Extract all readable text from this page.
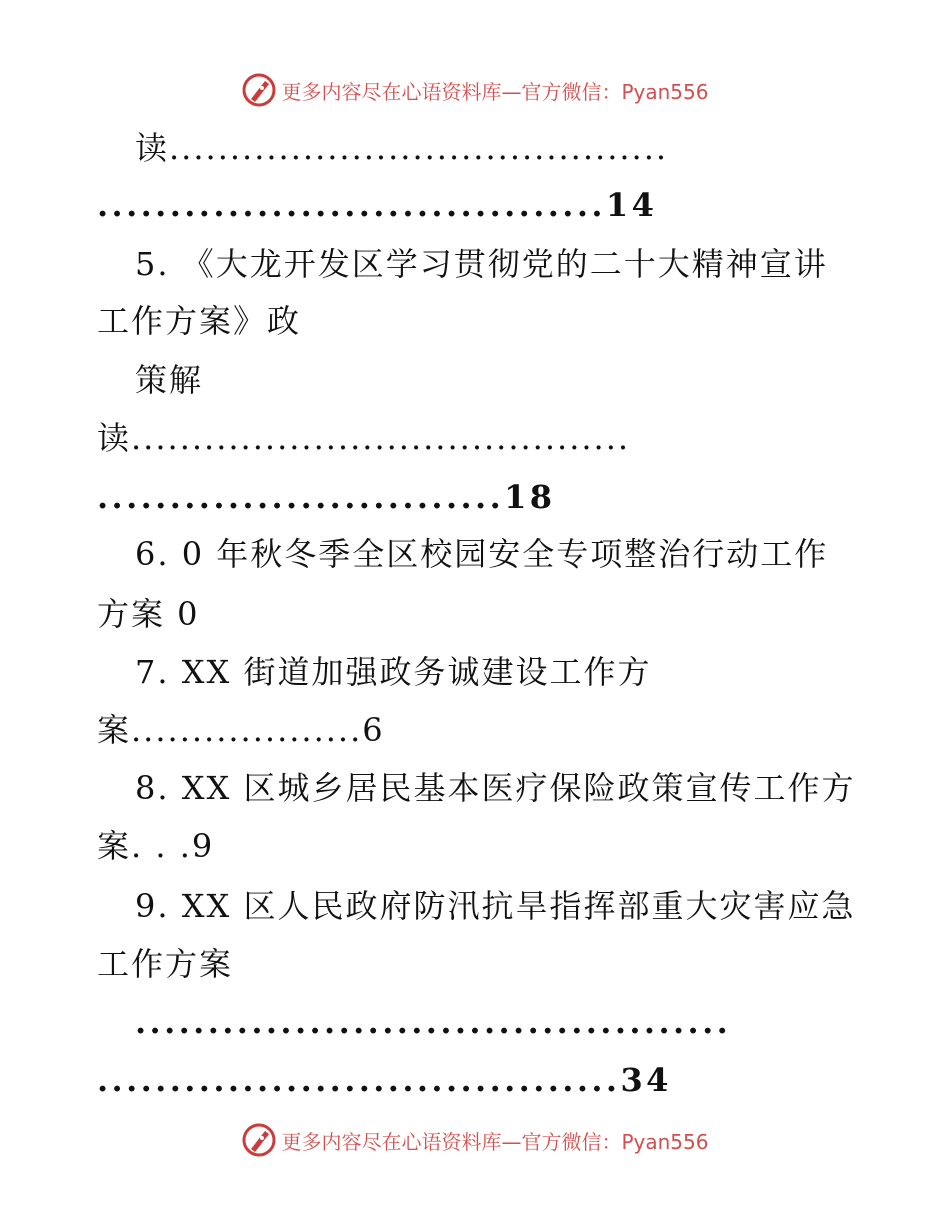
更多内容尽在心语资料库—官方微信：Pyan556
读.........................................
...................................14
5. 《大龙开发区学习贯彻党的二十大精神宣讲
工作方案》政
策解
读.........................................
............................18
6. 0 年秋冬季全区校园安全专项整治行动工作
方案 0
7. XX 街道加强政务诚建设工作方
案...................6
8. XX 区城乡居民基本医疗保险政策宣传工作方
案. . .9
9. XX 区人民政府防汛抗旱指挥部重大灾害应急
工作方案
.........................................
....................................34
更多内容尽在心语资料库—官方微信：Pyan556
